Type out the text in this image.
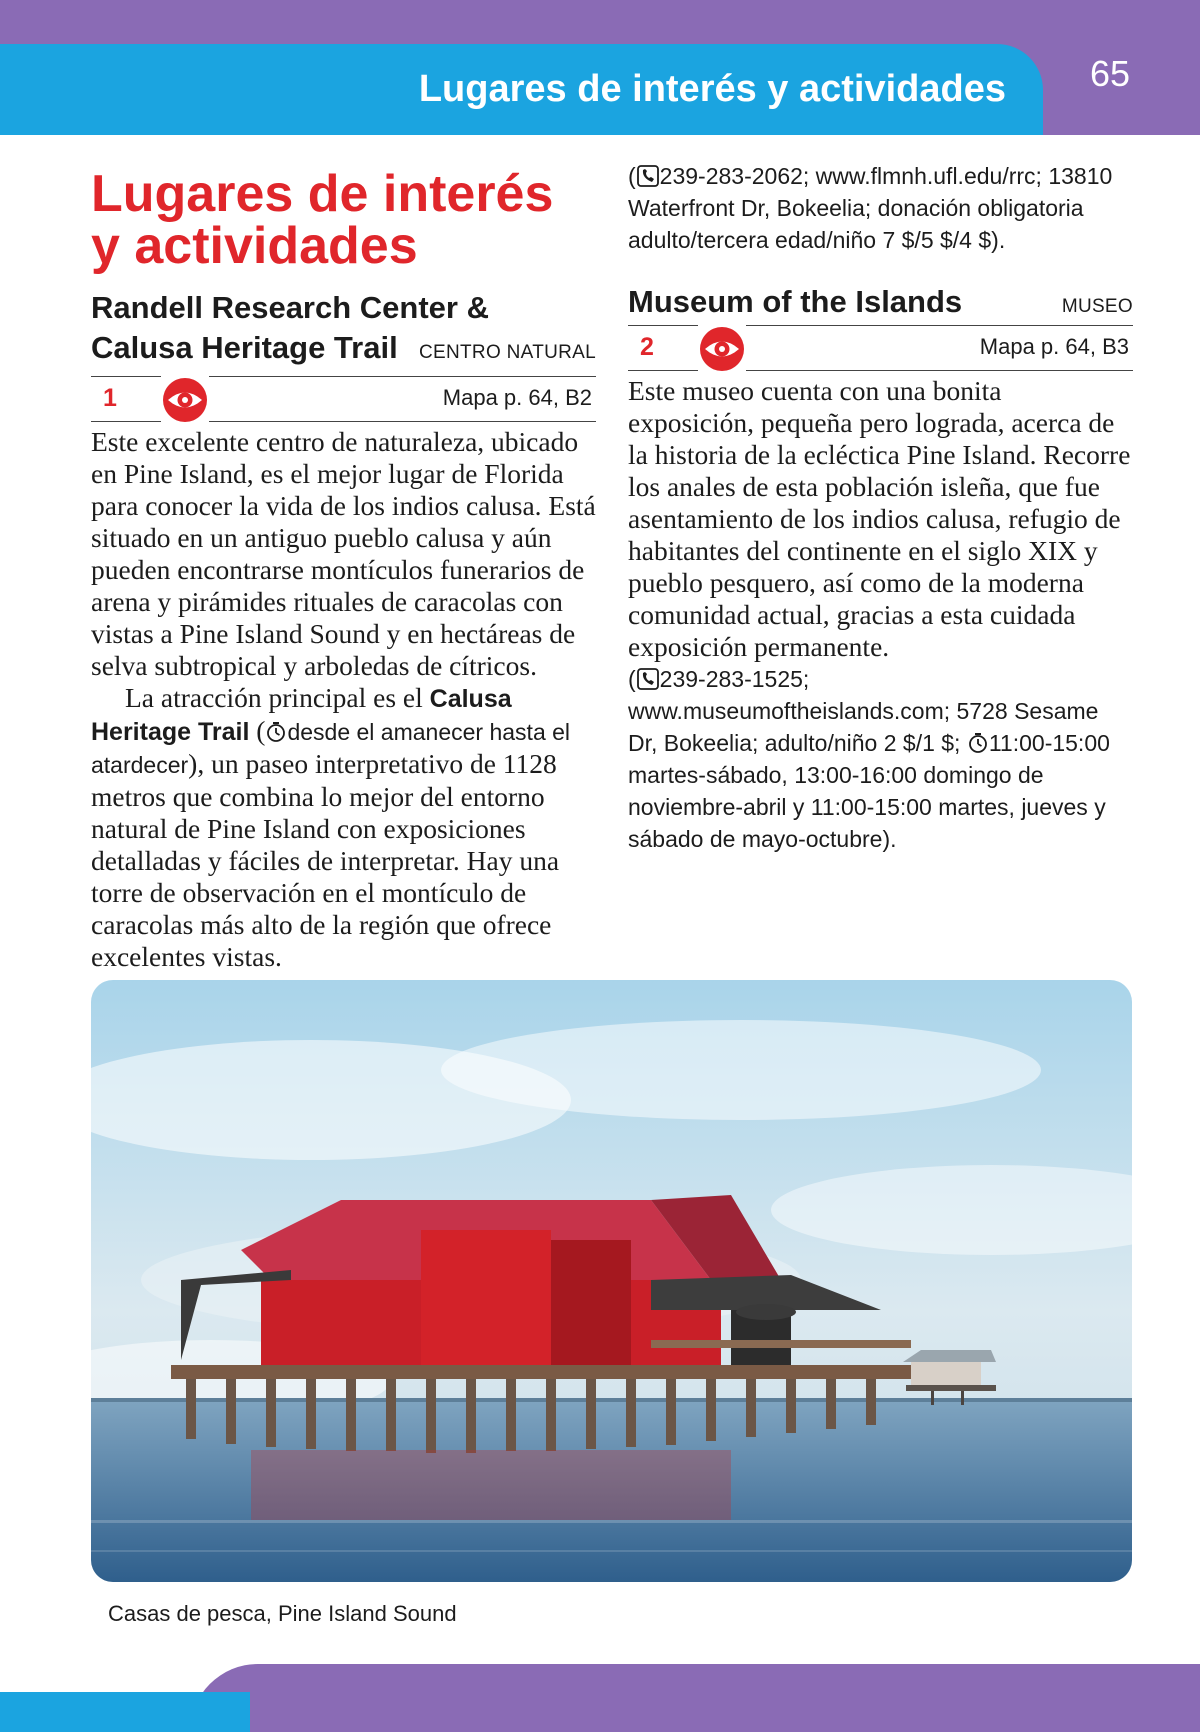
Lugares de interés y actividades 65
Lugares de interés
y actividades
Randell Research Center &
Calusa Heritage Trail CENTRO NATURAL
1	Mapa p. 64, B2

Este excelente centro de naturaleza, ubicado en Pine Island, es el mejor lugar de Florida para conocer la vida de los indios calusa. Está situado en un antiguo pueblo calusa y aún pueden encontrarse montículos funerarios de arena y pirámides rituales de caracolas con vistas a Pine Island Sound y en hectáreas de selva subtropical y arboledas de cítricos.

La atracción principal es el Calusa Heritage Trail ( desde el amanecer hasta el atardecer), un paseo interpretativo de 1128 metros que combina lo mejor del entorno natural de Pine Island con exposiciones detalladas y fáciles de interpretar. Hay una torre de observación en el montículo de caracolas más alto de la región que ofrece excelentes vistas.

( 239-283-2062; www.flmnh.ufl.edu/rrc; 13810 Waterfront Dr, Bokeelia; donación obligatoria adulto/tercera edad/niño 7 $/5 $/4 $).

Museum of the Islands	MUSEO
2	Mapa p. 64, B3

Este museo cuenta con una bonita exposición, pequeña pero lograda, acerca de la historia de la ecléctica Pine Island. Recorre los anales de esta población isleña, que fue asentamiento de los indios calusa, refugio de habitantes del continente en el siglo XIX y pueblo pesquero, así como de la moderna comunidad actual, gracias a esta cuidada exposición permanente.

( 239-283-1525; www.museumoftheislands.com; 5728 Sesame Dr, Bokeelia; adulto/niño 2 $/1 $; 11:00-15:00 martes-sábado, 13:00-16:00 domingo de noviembre-abril y 11:00-15:00 martes, jueves y sábado de mayo-octubre).

Casas de pesca, Pine Island Sound
